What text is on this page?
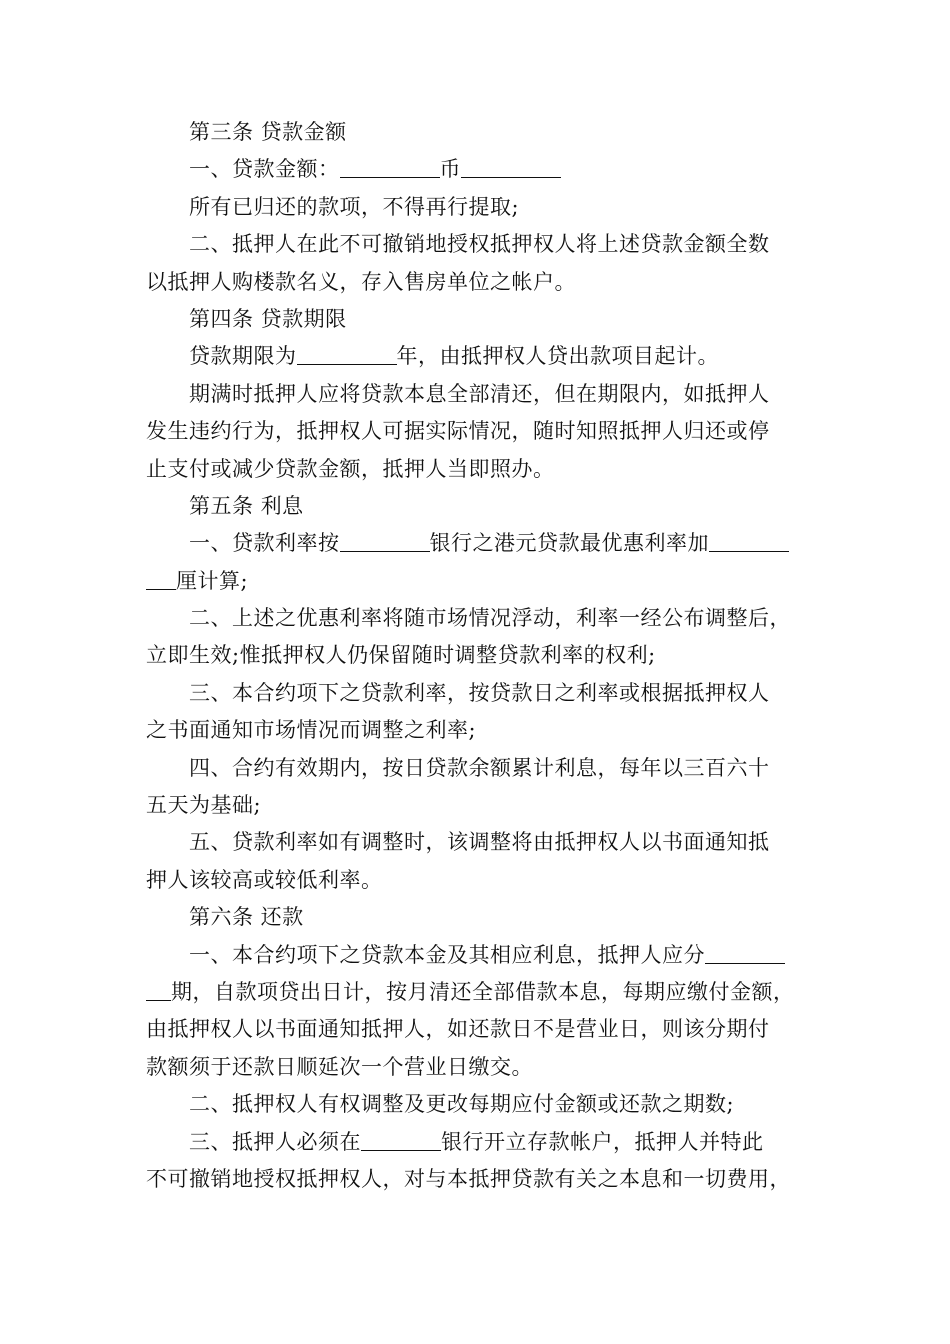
第三条 贷款金额
一、贷款金额：	币
所有已归还的款项，不得再行提取;
二、抵押人在此不可撤销地授权抵押权人将上述贷款金额全数
以抵押人购楼款名义，存入售房单位之帐户。
第四条 贷款期限
贷款期限为	年，由抵押权人贷出款项目起计。
期满时抵押人应将贷款本息全部清还，但在期限内，如抵押人
发生违约行为，抵押权人可据实际情况，随时知照抵押人归还或停
止支付或减少贷款金额，抵押人当即照办。
第五条 利息
一、贷款利率按	银行之港元贷款最优惠利率加
厘计算;
二、上述之优惠利率将随市场情况浮动，利率一经公布调整后，
立即生效;惟抵押权人仍保留随时调整贷款利率的权利;
三、本合约项下之贷款利率，按贷款日之利率或根据抵押权人
之书面通知市场情况而调整之利率;
四、合约有效期内，按日贷款余额累计利息，每年以三百六十
五天为基础;
五、贷款利率如有调整时，该调整将由抵押权人以书面通知抵
押人该较高或较低利率。
第六条 还款
一、本合约项下之贷款本金及其相应利息，抵押人应分
期，自款项贷出日计，按月清还全部借款本息，每期应缴付金额，
由抵押权人以书面通知抵押人，如还款日不是营业日，则该分期付
款额须于还款日顺延次一个营业日缴交。
二、抵押权人有权调整及更改每期应付金额或还款之期数;
三、抵押人必须在	银行开立存款帐户，抵押人并特此
不可撤销地授权抵押权人，对与本抵押贷款有关之本息和一切费用，
